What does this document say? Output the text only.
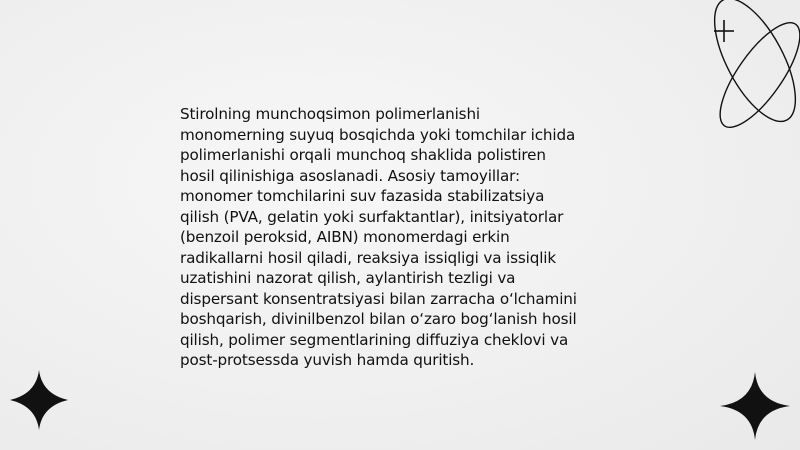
Stirolning munchoqsimon polimerlanishi
monomerning suyuq bosqichda yoki tomchilar ichida
polimerlanishi orqali munchoq shaklida polistiren
hosil qilinishiga asoslanadi. Asosiy tamoyillar:
monomer tomchilarini suv fazasida stabilizatsiya
qilish (PVA, gelatin yoki surfaktantlar), initsiyatorlar
(benzoil peroksid, AIBN) monomerdagi erkin
radikallarni hosil qiladi, reaksiya issiqligi va issiqlik
uzatishini nazorat qilish, aylantirish tezligi va
dispersant konsentratsiyasi bilan zarracha o‘lchamini
boshqarish, divinilbenzol bilan o‘zaro bog‘lanish hosil
qilish, polimer segmentlarining diffuziya cheklovi va
post-protsessda yuvish hamda quritish.
